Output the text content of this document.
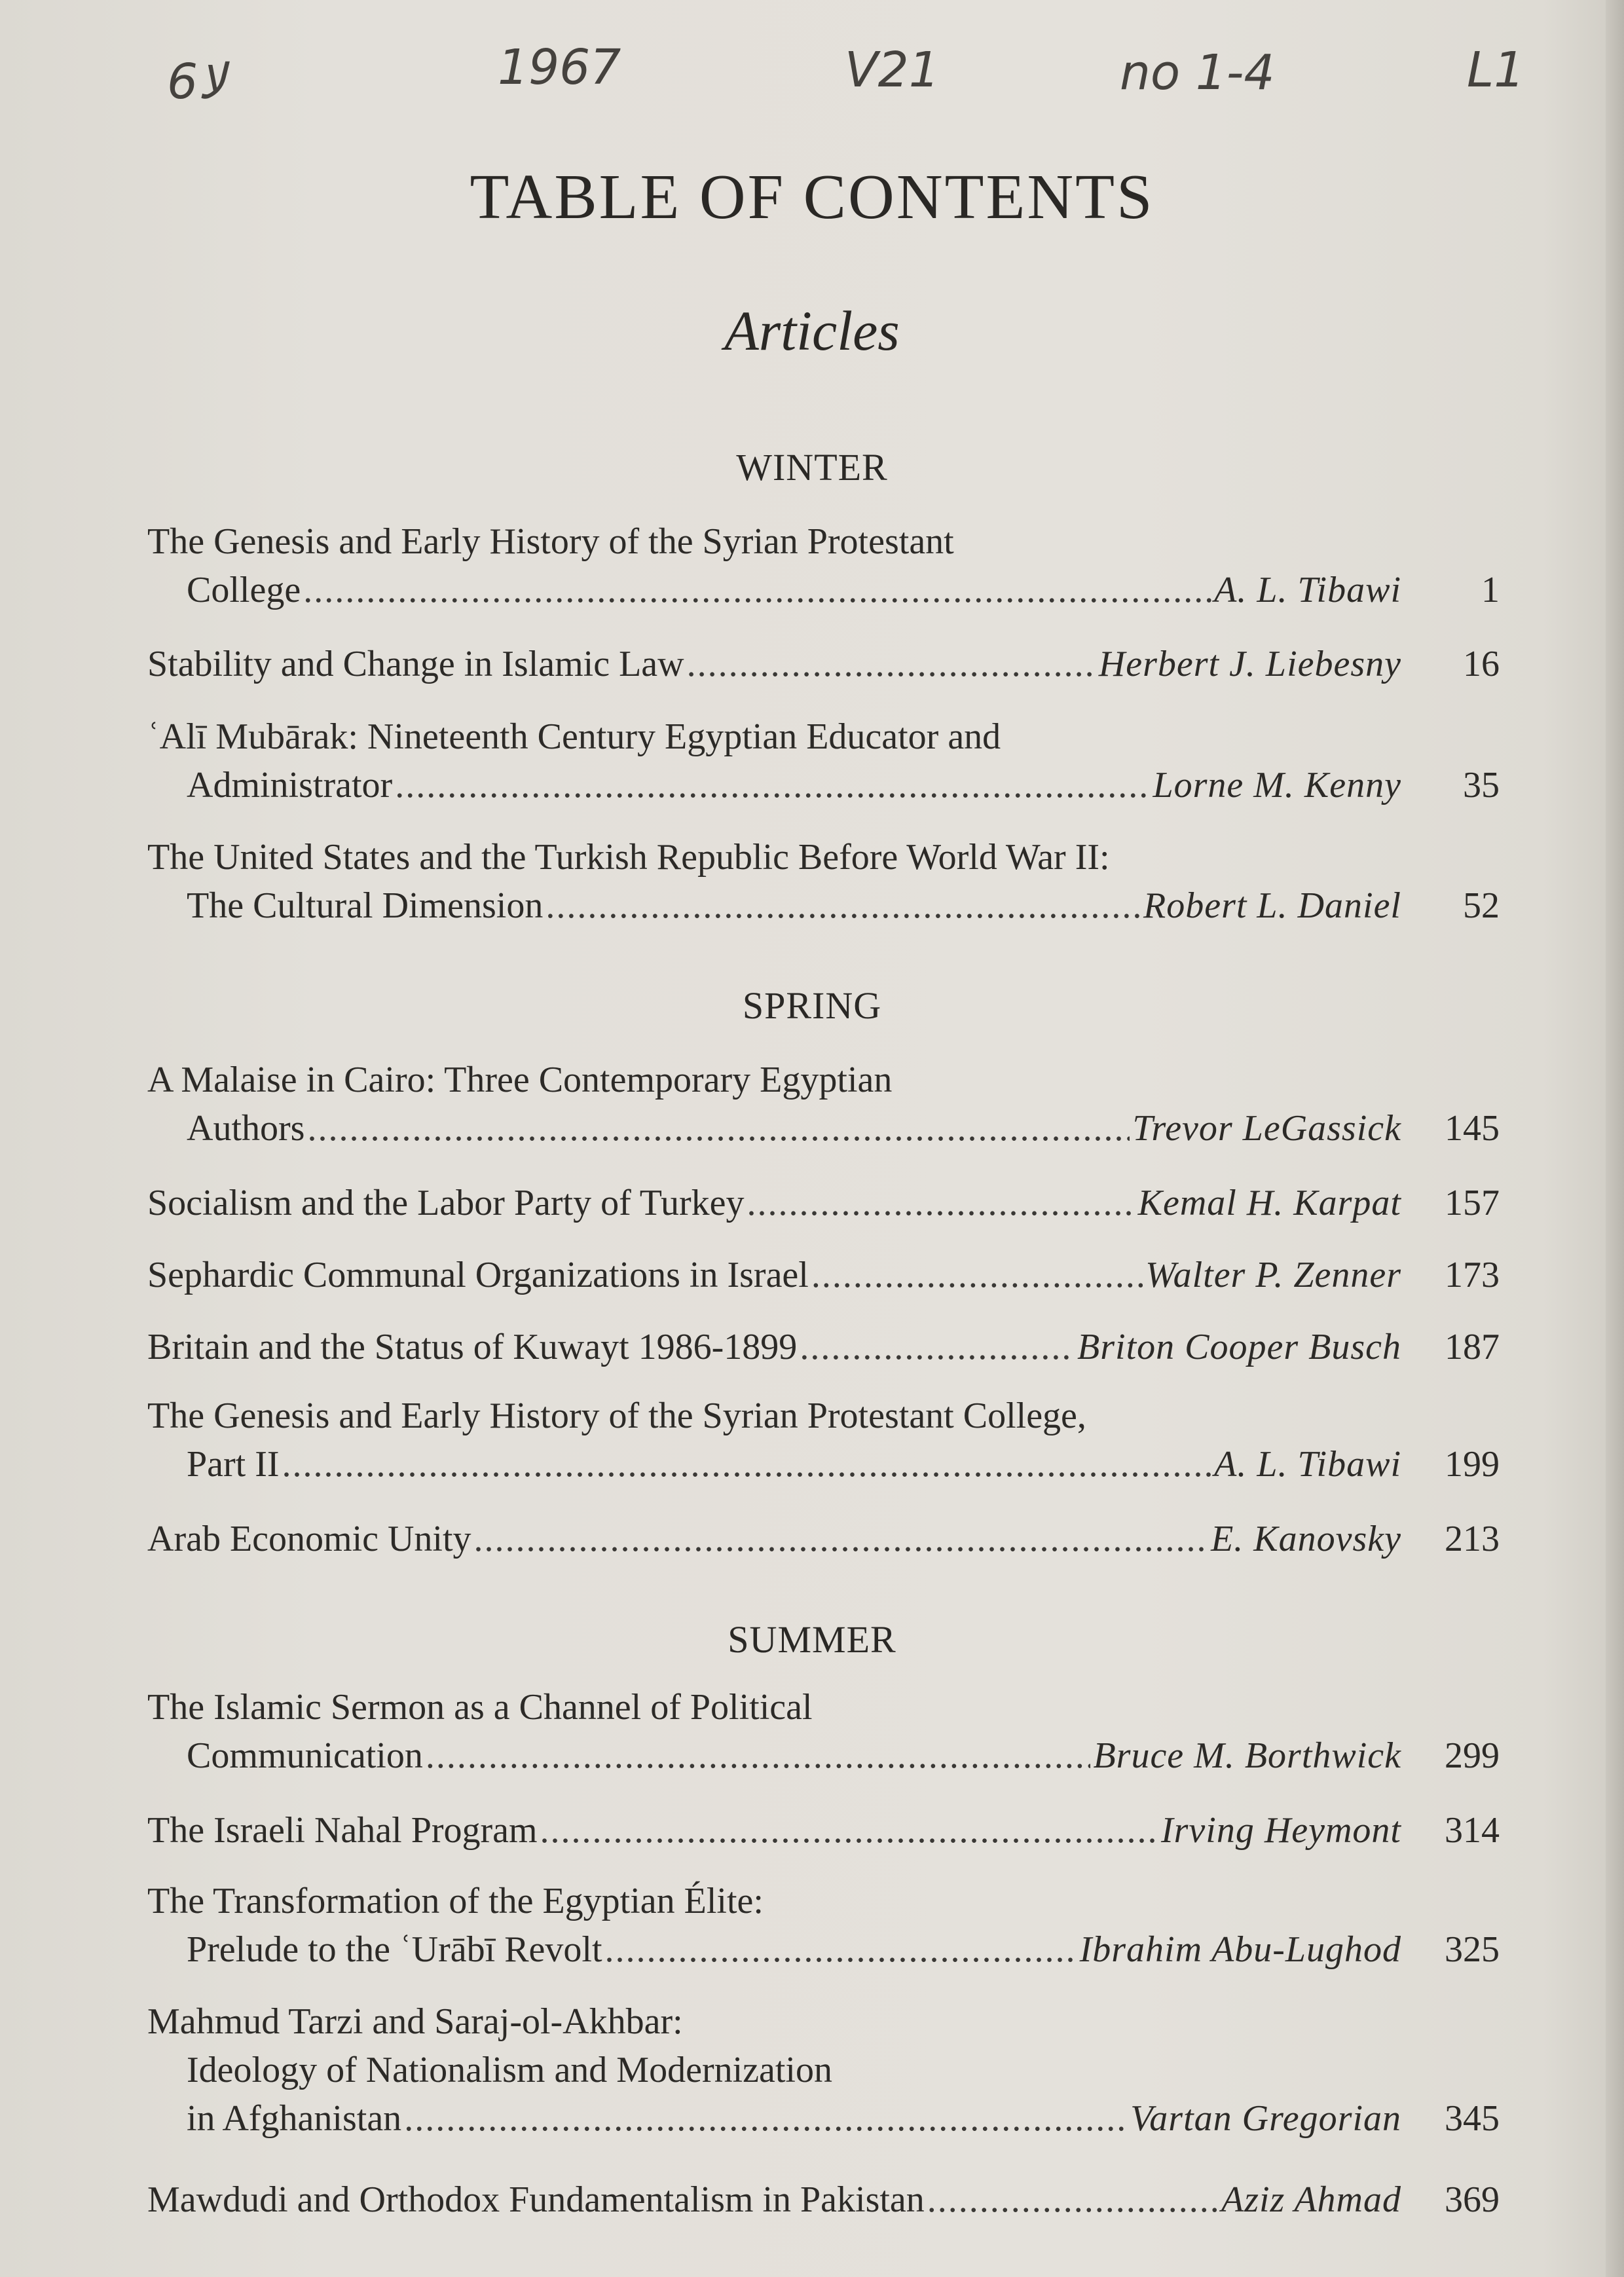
ﻻ6	1967	V21	no 1-4	L1
TABLE OF CONTENTS
Articles
WINTER
The Genesis and Early History of the Syrian Protestant
College .....	A. L. Tibawi	1
Stability and Change in Islamic Law .....	Herbert J. Liebesny	16
ʿAlī Mubārak: Nineteenth Century Egyptian Educator and
Administrator .....	Lorne M. Kenny	35
The United States and the Turkish Republic Before World War II:
The Cultural Dimension .....	Robert L. Daniel	52
SPRING
A Malaise in Cairo: Three Contemporary Egyptian
Authors .....	Trevor LeGassick	145
Socialism and the Labor Party of Turkey .....	Kemal H. Karpat	157
Sephardic Communal Organizations in Israel .....	Walter P. Zenner	173
Britain and the Status of Kuwayt 1986-1899 .....	Briton Cooper Busch	187
The Genesis and Early History of the Syrian Protestant College,
Part II .....	A. L. Tibawi	199
Arab Economic Unity .....	E. Kanovsky	213
SUMMER
The Islamic Sermon as a Channel of Political
Communication .....	Bruce M. Borthwick	299
The Israeli Nahal Program .....	Irving Heymont	314
The Transformation of the Egyptian Élite:
Prelude to the ʿUrābī Revolt .....	Ibrahim Abu-Lughod	325
Mahmud Tarzi and Saraj-ol-Akhbar:
Ideology of Nationalism and Modernization
in Afghanistan .....	Vartan Gregorian	345
Mawdudi and Orthodox Fundamentalism in Pakistan .....	Aziz Ahmad	369
